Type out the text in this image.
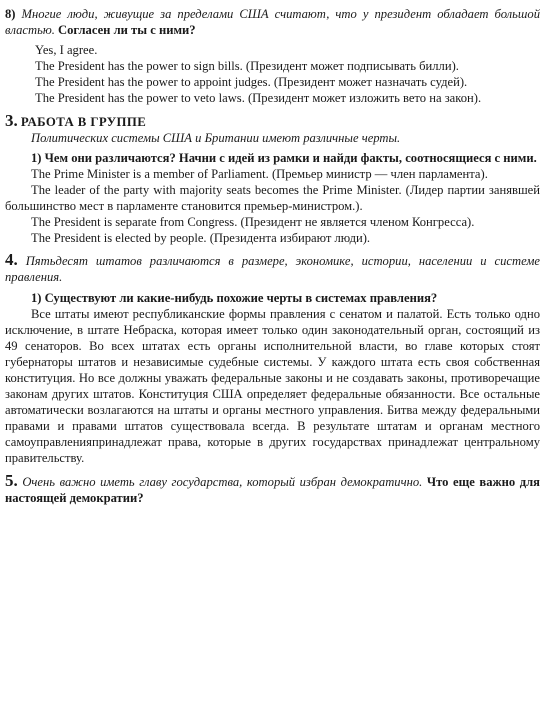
8) Многие люди, живущие за пределами США считают, что у президент обладает большой властью. Согласен ли ты с ними?

Yes, I agree.

The President has the power to sign bills. (Президент может подписывать билли).

The President has the power to appoint judges. (Президент может назначать судей).

The President has the power to veto laws. (Президент может изложить вето на закон).

3. РАБОТА В ГРУППЕ

Политических системы США и Британии имеют различные черты.

1) Чем они различаются? Начни с идей из рамки и найди факты, соотносящиеся с ними.

The Prime Minister is a member of Parliament. (Премьер министр — член парламента).

The leader of the party with majority seats becomes the Prime Minister. (Лидер партии занявшей большинство мест в парламенте становится премьер-министром.).

The President is separate from Congress. (Президент не является членом Конгресса).

The President is elected by people. (Президента избирают люди).

4. Пятьдесят штатов различаются в размере, экономике, истории, населении и системе правления.

1) Существуют ли какие-нибудь похожие черты в системах правления?

Все штаты имеют республиканские формы правления с сенатом и палатой. Есть только одно исключение, в штате Небраска, которая имеет только один законодательный орган, состоящий из 49 сенаторов. Во всех штатах есть органы исполнительной власти, во главе которых стоят губернаторы штатов и независимые судебные системы. У каждого штата есть своя собственная конституция. Но все должны уважать федеральные законы и не создавать законы, противоречащие законам других штатов. Конституция США определяет федеральные обязанности. Все остальные автоматически возлагаются на штаты и органы местного управления. Битва между федеральными правами и правами штатов существовала всегда. В результате штатам и органам местного самоуправленияпринадлежат права, которые в других государствах принадлежат центральному правительству.

5. Очень важно иметь главу государства, который избран демократично. Что еще важно для настоящей демократии?
